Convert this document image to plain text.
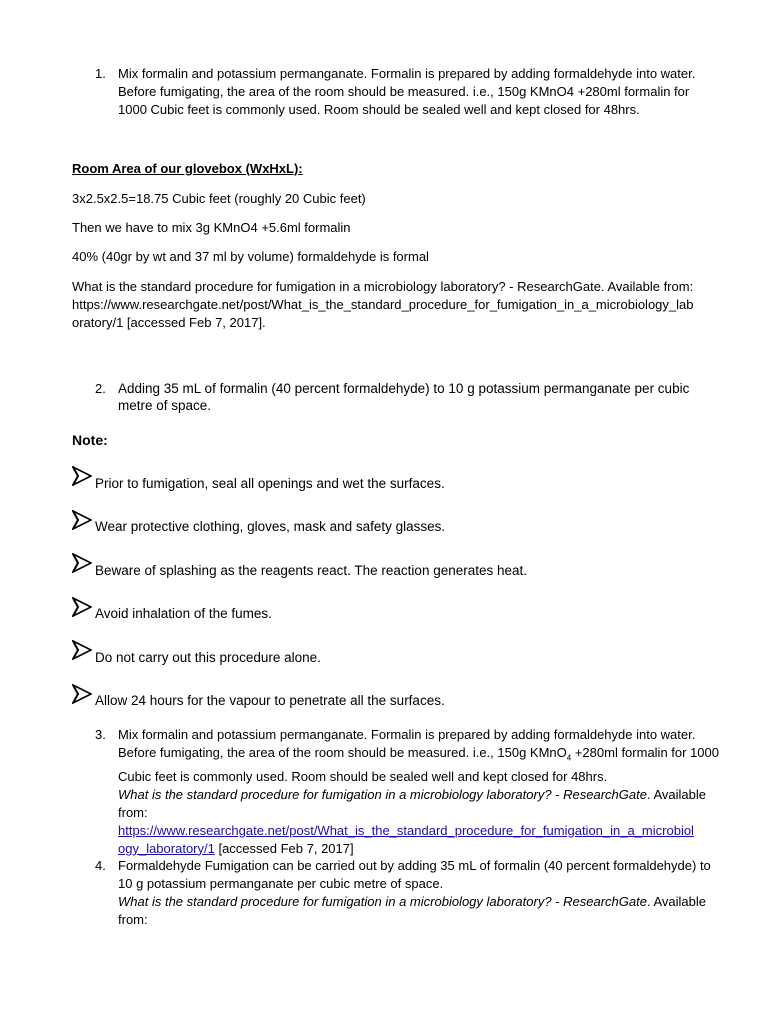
1. Mix formalin and potassium permanganate. Formalin is prepared by adding formaldehyde into water.
Before fumigating, the area of the room should be measured. i.e., 150g KMnO4 +280ml formalin for
1000 Cubic feet is commonly used. Room should be sealed well and kept closed for 48hrs.
Room Area of our glovebox (WxHxL):
3x2.5x2.5=18.75 Cubic feet (roughly 20 Cubic feet)
Then we have to mix 3g KMnO4 +5.6ml formalin
40% (40gr by wt and 37 ml by volume) formaldehyde is formal
What is the standard procedure for fumigation in a microbiology laboratory? - ResearchGate. Available from:
https://www.researchgate.net/post/What_is_the_standard_procedure_for_fumigation_in_a_microbiology_lab
oratory/1 [accessed Feb 7, 2017].
2. Adding 35 mL of formalin (40 percent formaldehyde) to 10 g potassium permanganate per cubic
metre of space.
Note:
Prior to fumigation, seal all openings and wet the surfaces.
Wear protective clothing, gloves, mask and safety glasses.
Beware of splashing as the reagents react. The reaction generates heat.
Avoid inhalation of the fumes.
Do not carry out this procedure alone.
Allow 24 hours for the vapour to penetrate all the surfaces.
3. Mix formalin and potassium permanganate. Formalin is prepared by adding formaldehyde into water.
Before fumigating, the area of the room should be measured. i.e., 150g KMnO$_4$ +280ml formalin for 1000
Cubic feet is commonly used. Room should be sealed well and kept closed for 48hrs.
What is the standard procedure for fumigation in a microbiology laboratory? - ResearchGate. Available
from:
https://www.researchgate.net/post/What_is_the_standard_procedure_for_fumigation_in_a_microbiol
ogy_laboratory/1 [accessed Feb 7, 2017]
4. Formaldehyde Fumigation can be carried out by adding 35 mL of formalin (40 percent formaldehyde) to
10 g potassium permanganate per cubic metre of space.
What is the standard procedure for fumigation in a microbiology laboratory? - ResearchGate. Available
from:
